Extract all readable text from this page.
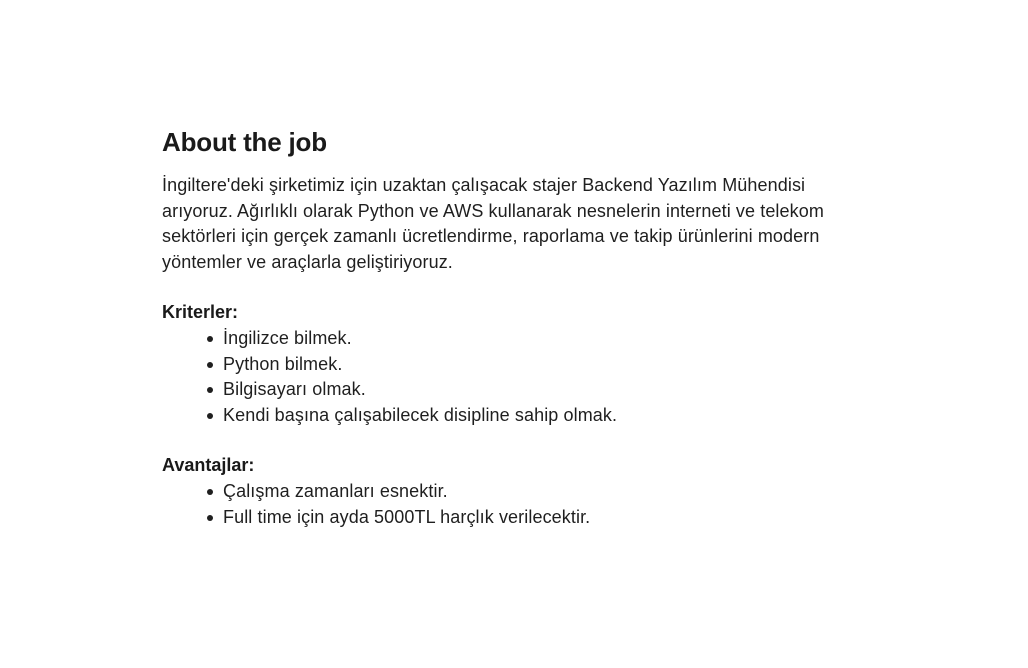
About the job

İngiltere'deki şirketimiz için uzaktan çalışacak stajer Backend Yazılım Mühendisi arıyoruz. Ağırlıklı olarak Python ve AWS kullanarak nesnelerin interneti ve telekom sektörleri için gerçek zamanlı ücretlendirme, raporlama ve takip ürünlerini modern yöntemler ve araçlarla geliştiriyoruz.

Kriterler:
İngilizce bilmek.
Python bilmek.
Bilgisayarı olmak.
Kendi başına çalışabilecek disipline sahip olmak.
Avantajlar:
Çalışma zamanları esnektir.
Full time için ayda 5000TL harçlık verilecektir.
